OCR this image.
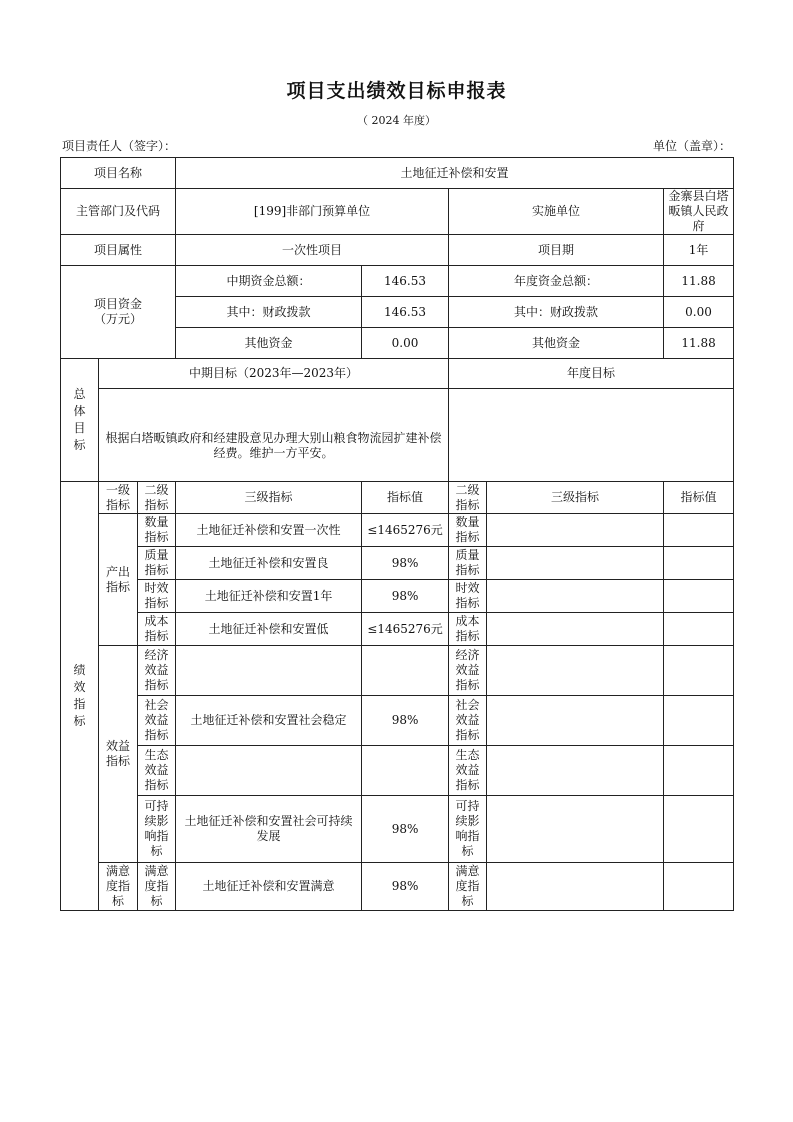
项目支出绩效目标申报表
（ 2024 年度）
项目责任人（签字）：	单位（盖章）：
项目名称			土地征迁补偿和安置				
主管部门及代码			[199]非部门预算单位		实施单位		金寨县白塔畈镇人民政府
项目属性			一次性项目		项目期		1年
项目资金（万元）			中期资金总额：	146.53	年度资金总额：		11.88
			其中：财政拨款	146.53	其中：财政拨款		0.00
			其他资金	0.00	其他资金		11.88
总体目标	中期目标（2023年—2023年）				年度目标		
	根据白塔畈镇政府和经建股意见办理大别山粮食物流园扩建补偿经费。维护一方平安。						
绩效指标	一级指标	二级指标	三级指标	指标值	二级指标	三级指标	指标值
	产出指标	数量指标	土地征迁补偿和安置一次性	≤1465276元	数量指标		
		质量指标	土地征迁补偿和安置良	98%	质量指标		
		时效指标	土地征迁补偿和安置1年	98%	时效指标		
		成本指标	土地征迁补偿和安置低	≤1465276元	成本指标		
	效益指标	经济效益指标			经济效益指标		
		社会效益指标	土地征迁补偿和安置社会稳定	98%	社会效益指标		
		生态效益指标			生态效益指标		
		可持续影响指标	土地征迁补偿和安置社会可持续发展	98%	可持续影响指标		
	满意度指标	满意度指标	土地征迁补偿和安置满意	98%	满意度指标		
